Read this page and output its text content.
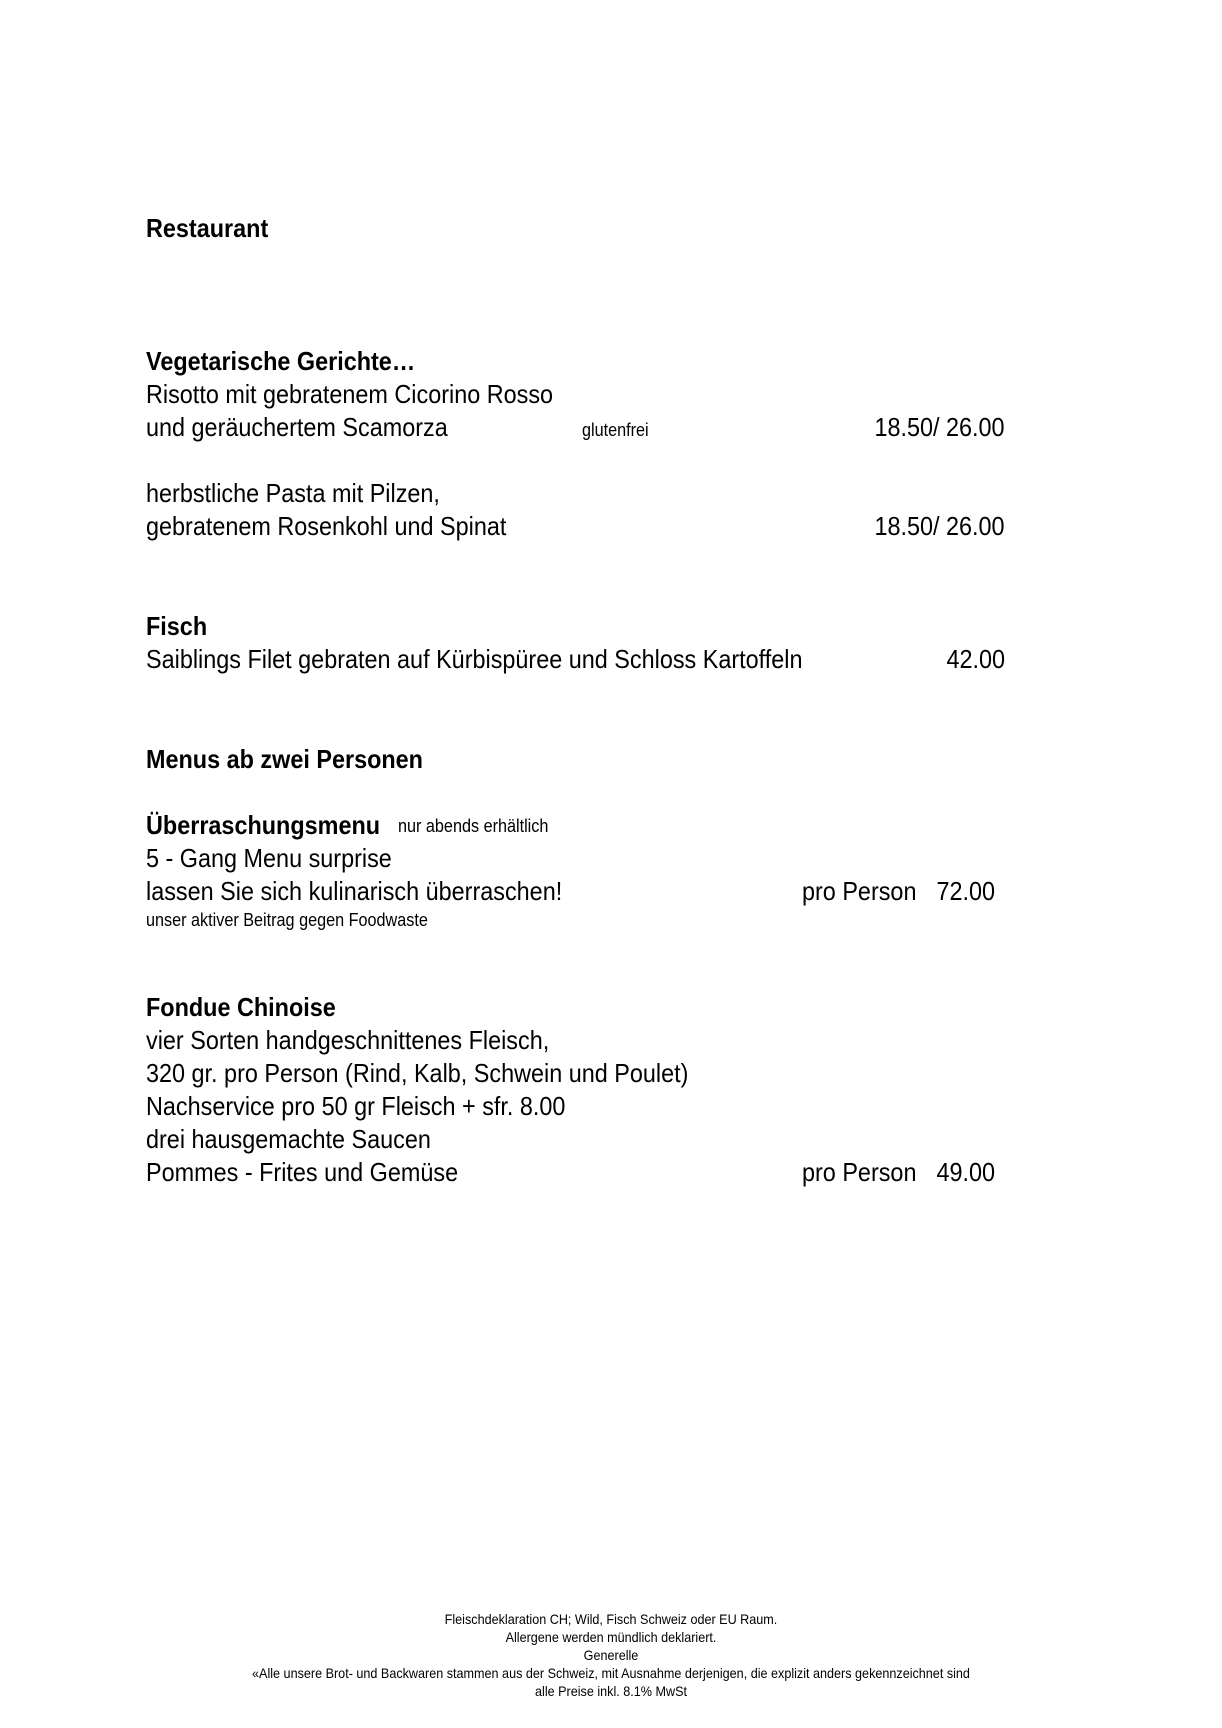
Restaurant
Vegetarische Gerichte…
Risotto mit gebratenem Cicorino Rosso
und geräuchertem Scamorza	glutenfrei	18.50/ 26.00
herbstliche Pasta mit Pilzen,
gebratenem Rosenkohl und Spinat	18.50/ 26.00
Fisch
Saiblings Filet gebraten auf Kürbispüree und Schloss Kartoffeln	42.00
Menus ab zwei Personen
Überraschungsmenu nur abends erhältlich
5 - Gang Menu surprise
lassen Sie sich kulinarisch überraschen!	pro Person 72.00
unser aktiver Beitrag gegen Foodwaste
Fondue Chinoise
vier Sorten handgeschnittenes Fleisch,
320 gr. pro Person (Rind, Kalb, Schwein und Poulet)
Nachservice pro 50 gr Fleisch + sfr. 8.00
drei hausgemachte Saucen
Pommes - Frites und Gemüse	pro Person 49.00
Fleischdeklaration CH; Wild, Fisch Schweiz oder EU Raum.
Allergene werden mündlich deklariert.
Generelle
«Alle unsere Brot- und Backwaren stammen aus der Schweiz, mit Ausnahme derjenigen, die explizit anders gekennzeichnet sind
alle Preise inkl. 8.1% MwSt
